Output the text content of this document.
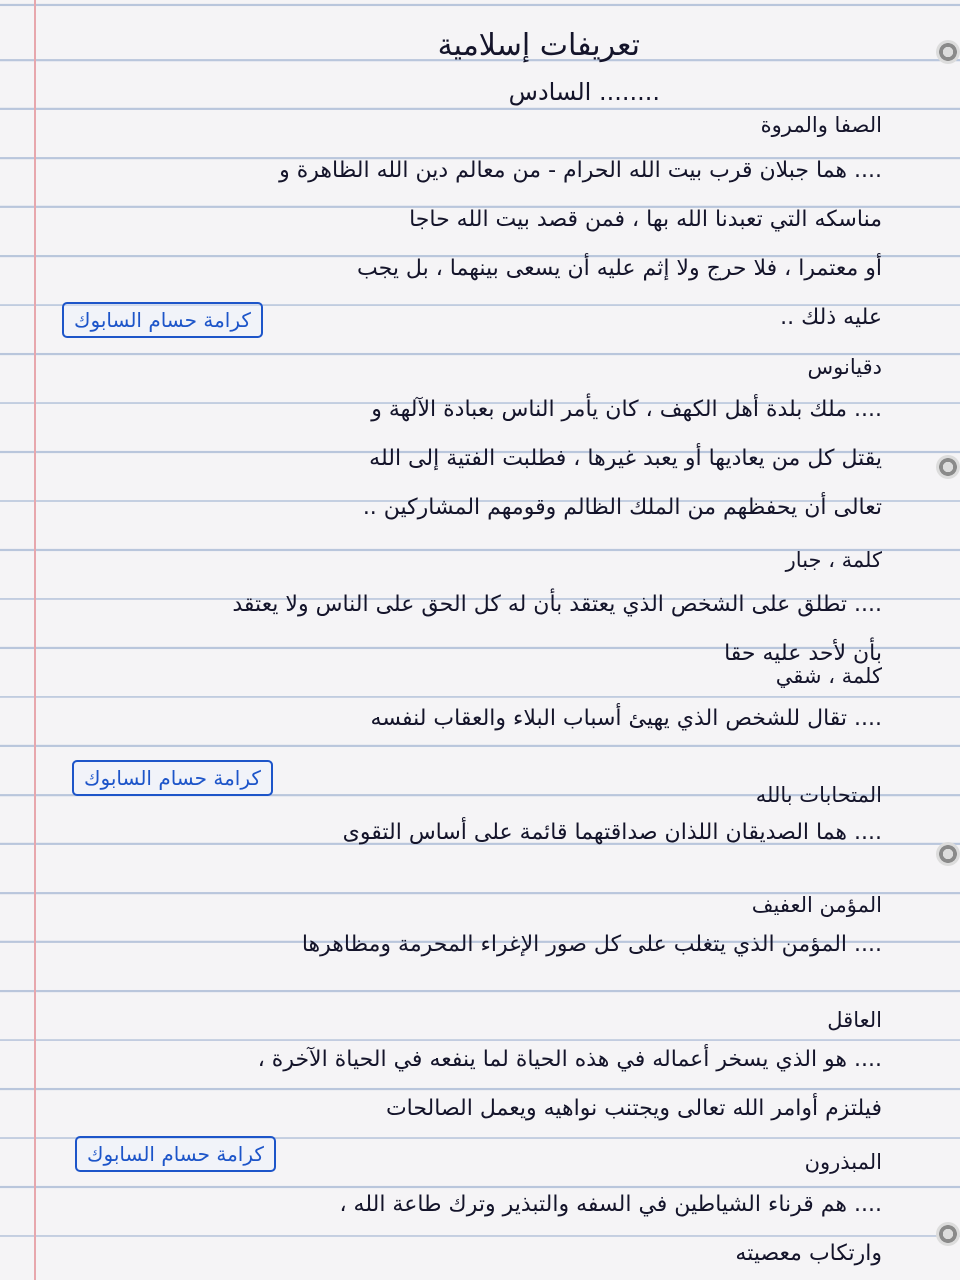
تعريفات إسلامية
........ السادس
الصفا والمروة
.... هما جبلان قرب بيت الله الحرام - من معالم دين الله الظاهرة و
مناسكه التي تعبدنا الله بها ، فمن قصد بيت الله حاجا
أو معتمرا ، فلا حرج ولا إثم عليه أن يسعى بينهما ، بل يجب
عليه ذلك ..
كرامة حسام السابوك
دقيانوس
.... ملك بلدة أهل الكهف ، كان يأمر الناس بعبادة الآلهة و
يقتل كل من يعاديها أو يعبد غيرها ، فطلبت الفتية إلى الله
تعالى أن يحفظهم من الملك الظالم وقومهم المشاركين ..
كلمة ، جبار
.... تطلق على الشخص الذي يعتقد بأن له كل الحق على الناس ولا يعتقد
بأن لأحد عليه حقا
كلمة ، شقي
.... تقال للشخص الذي يهيئ أسباب البلاء والعقاب لنفسه
كرامة حسام السابوك
المتحابات بالله
.... هما الصديقان اللذان صداقتهما قائمة على أساس التقوى
المؤمن العفيف
.... المؤمن الذي يتغلب على كل صور الإغراء المحرمة ومظاهرها
العاقل
.... هو الذي يسخر أعماله في هذه الحياة لما ينفعه في الحياة الآخرة ،
فيلتزم أوامر الله تعالى ويجتنب نواهيه ويعمل الصالحات
كرامة حسام السابوك	المبذرون
.... هم قرناء الشياطين في السفه والتبذير وترك طاعة الله ،
وارتكاب معصيته
